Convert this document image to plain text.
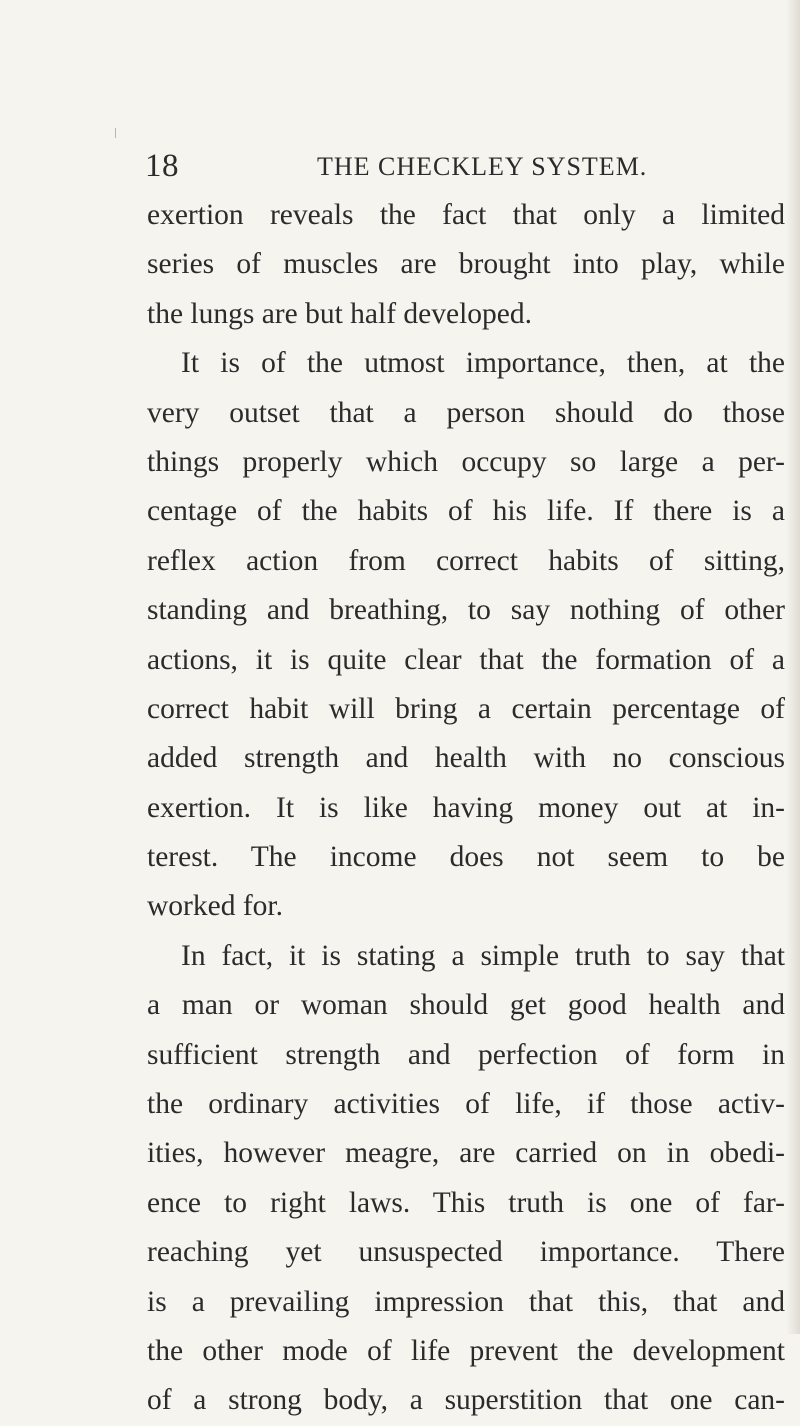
18	THE CHECKLEY SYSTEM.
exertion reveals the fact that only a limited
series of muscles are brought into play, while
the lungs are but half developed.
It is of the utmost importance, then, at the
very outset that a person should do those
things properly which occupy so large a per-
centage of the habits of his life. If there is a
reflex action from correct habits of sitting,
standing and breathing, to say nothing of other
actions, it is quite clear that the formation of a
correct habit will bring a certain percentage of
added strength and health with no conscious
exertion. It is like having money out at in-
terest. The income does not seem to be
worked for.
In fact, it is stating a simple truth to say that
a man or woman should get good health and
sufficient strength and perfection of form in
the ordinary activities of life, if those activ-
ities, however meagre, are carried on in obedi-
ence to right laws. This truth is one of far-
reaching yet unsuspected importance. There
is a prevailing impression that this, that and
the other mode of life prevent the development
of a strong body, a superstition that one can-
